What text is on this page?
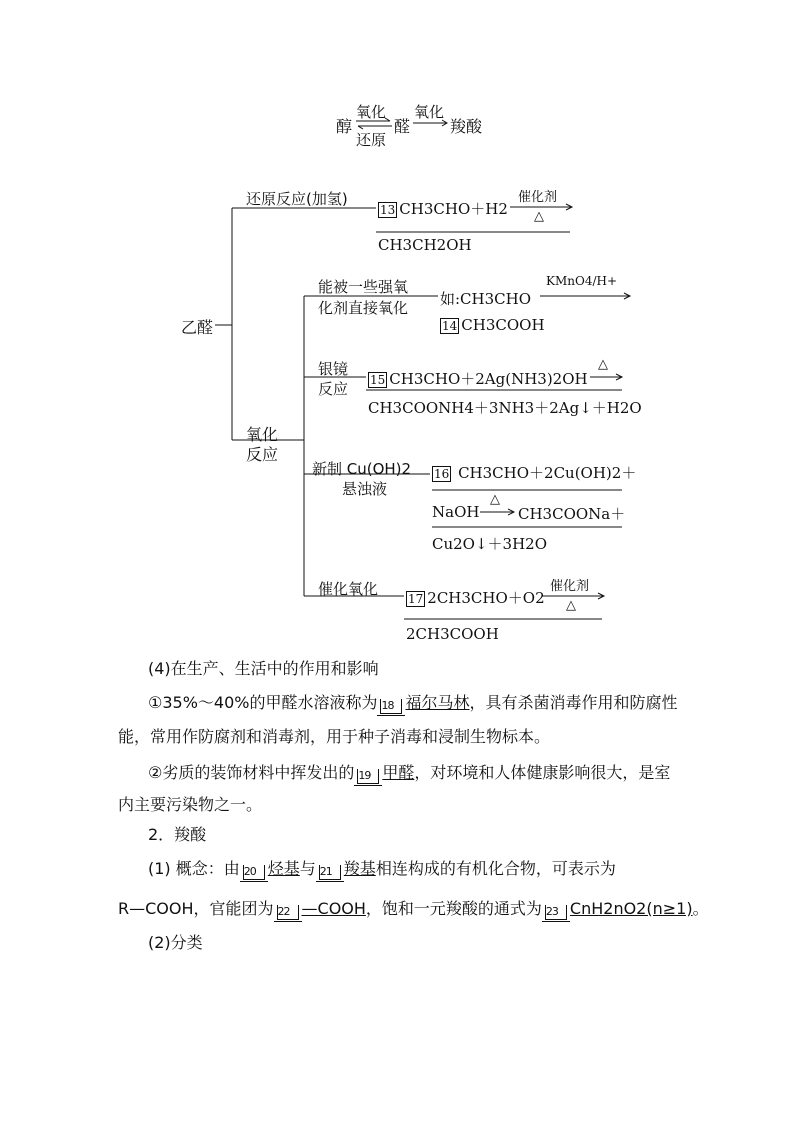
醇
氧化
还原
⇌ 醛
氧化
→ 羧酸
乙醛
还原反应(加氢)
13 CH3CHO＋H2
催化剂
△
CH3CH2OH
氧化
反应
能被一些强氧
化剂直接氧化 如:CH3CHO
KMnO4/H+
14 CH3COOH
银镜
反应 15 CH3CHO＋2Ag(NH3)2OH
△
CH3COONH4＋3NH3＋2Ag↓＋H2O
新制 Cu(OH)2
悬浊液
16 CH3CHO＋2Cu(OH)2＋
NaOH
△
CH3COONa＋
Cu2O↓＋3H2O
催化氧化
17 2CH3CHO＋O2
催化剂
△
2CH3COOH
(4)在生产、生活中的作用和影响
①35%～40%的甲醛水溶液称为 18 福尔马林，具有杀菌消毒作用和防腐性
能，常用作防腐剂和消毒剂，用于种子消毒和浸制生物标本。
②劣质的装饰材料中挥发出的 19 甲醛，对环境和人体健康影响很大，是室
内主要污染物之一。
2．羧酸
(1) 概念：由 20 烃基与 21 羧基相连构成的有机化合物，可表示为
R—COOH，官能团为 22 —COOH，饱和一元羧酸的通式为 23 CnH2nO2(n≥1)。
(2)分类
